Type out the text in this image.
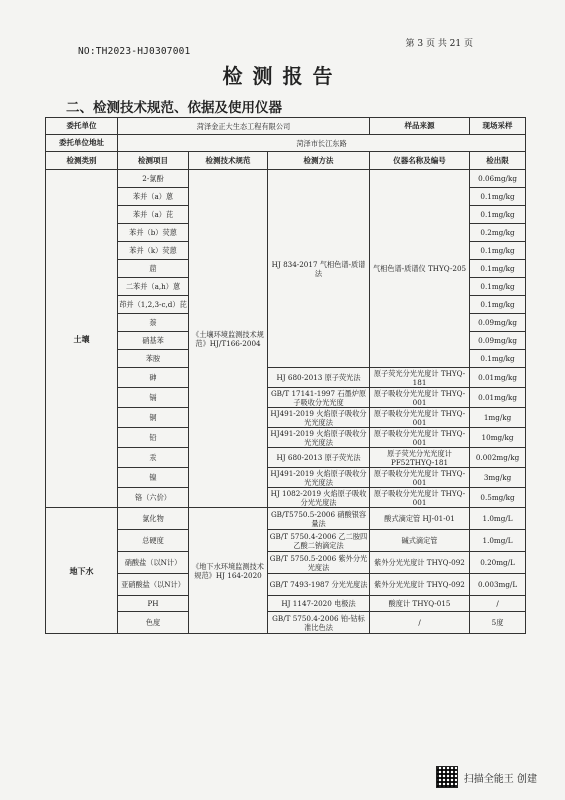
第 3 页 共 21 页
NO:TH2023-HJ0307001
检测报告
二、检测技术规范、依据及使用仪器
委托单位	菏泽金正大生态工程有限公司			样品来源	现场采样
委托单位地址	菏泽市长江东路				
检测类别	检测项目	检测技术规范	检测方法	仪器名称及编号	检出限
土壤	2-氯酚	《土壤环境监测技术规范》HJ/T166-2004	HJ 834-2017 气相色谱-质谱法	气相色谱-质谱仪 THYQ-205	0.06mg/kg
	苯并（a）蒽				0.1mg/kg
	苯并（a）芘				0.1mg/kg
	苯并（b）荧蒽				0.2mg/kg
	苯并（k）荧蒽				0.1mg/kg
	䓛				0.1mg/kg
	二苯并（a,h）蒽				0.1mg/kg
	茚并（1,2,3-c,d）芘				0.1mg/kg
	萘				0.09mg/kg
	硝基苯				0.09mg/kg
	苯胺				0.1mg/kg
	砷		HJ 680-2013 原子荧光法	原子荧光分光光度计 THYQ-181	0.01mg/kg
	镉		GB/T 17141-1997 石墨炉原子吸收分光光度	原子吸收分光光度计 THYQ-001	0.01mg/kg
	铜		HJ491-2019 火焰原子吸收分光光度法	原子吸收分光光度计 THYQ-001	1mg/kg
	铅		HJ491-2019 火焰原子吸收分光光度法	原子吸收分光光度计 THYQ-001	10mg/kg
	汞		HJ 680-2013 原子荧光法	原子荧光分光光度计 PF52THYQ-181	0.002mg/kg
	镍		HJ491-2019 火焰原子吸收分光光度法	原子吸收分光光度计 THYQ-001	3mg/kg
	铬（六价）		HJ 1082-2019 火焰原子吸收分光光度法	原子吸收分光光度计 THYQ-001	0.5mg/kg
地下水	氯化物	《地下水环境监测技术规范》HJ 164-2020	GB/T5750.5-2006 硝酸银容量法	酸式滴定管 HJ-01-01	1.0mg/L
	总硬度		GB/T 5750.4-2006 乙二胺四乙酸二钠滴定法	碱式滴定管	1.0mg/L
	硝酸盐（以N计）		GB/T 5750.5-2006 紫外分光光度法	紫外分光光度计 THYQ-092	0.20mg/L
	亚硝酸盐（以N计）		GB/T 7493-1987 分光光度法	紫外分光光度计 THYQ-092	0.003mg/L
	PH		HJ 1147-2020 电极法	酸度计 THYQ-015	/
	色度		GB/T 5750.4-2006 铂-钴标准比色法	/	5度
扫描全能王 创建
